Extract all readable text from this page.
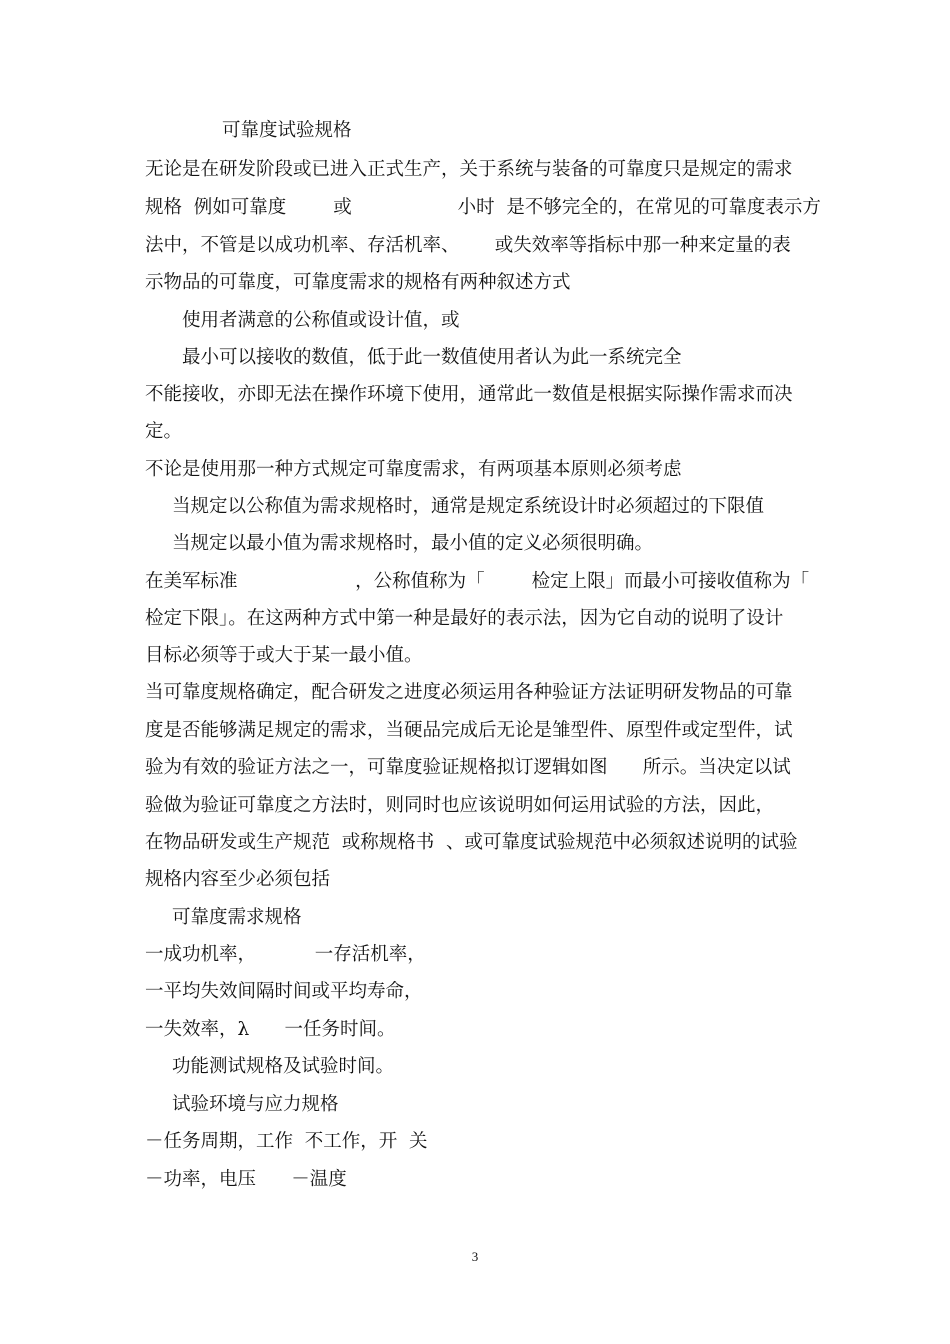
可靠度试验规格

无论是在研发阶段或已进入正式生产，关于系统与装备的可靠度只是规定的需求

规格  例如可靠度        或                  小时  是不够完全的，在常见的可靠度表示方

法中，不管是以成功机率、存活机率、      或失效率等指标中那一种来定量的表

示物品的可靠度，可靠度需求的规格有两种叙述方式

使用者满意的公称值或设计值，或

最小可以接收的数值，低于此一数值使用者认为此一系统完全

不能接收，亦即无法在操作环境下使用，通常此一数值是根据实际操作需求而决

定。

不论是使用那一种方式规定可靠度需求，有两项基本原则必须考虑

当规定以公称值为需求规格时，通常是规定系统设计时必须超过的下限值

当规定以最小值为需求规格时，最小值的定义必须很明确。

在美军标准                    ，公称值称为「        检定上限」而最小可接收值称为「

检定下限」。在这两种方式中第一种是最好的表示法，因为它自动的说明了设计

目标必须等于或大于某一最小值。

当可靠度规格确定，配合研发之进度必须运用各种验证方法证明研发物品的可靠

度是否能够满足规定的需求，当硬品完成后无论是雏型件、原型件或定型件，试

验为有效的验证方法之一，可靠度验证规格拟订逻辑如图      所示。当决定以试

验做为验证可靠度之方法时，则同时也应该说明如何运用试验的方法，因此，

在物品研发或生产规范  或称规格书  、或可靠度试验规范中必须叙述说明的试验

规格内容至少必须包括

可靠度需求规格

一成功机率，          一存活机率，

一平均失效间隔时间或平均寿命，

一失效率，λ      一任务时间。

功能测试规格及试验时间。

试验环境与应力规格

－任务周期，工作  不工作，开  关

－功率，电压      －温度

3
